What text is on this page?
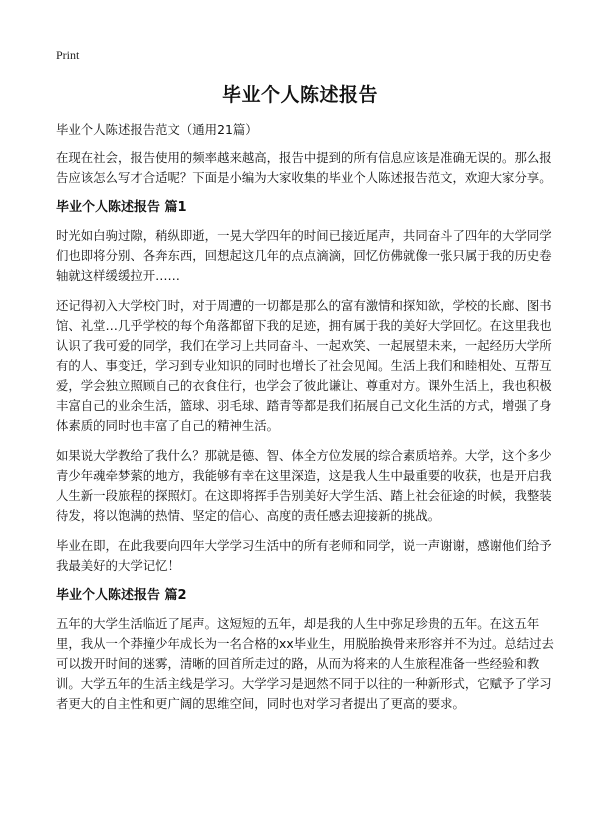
Print
毕业个人陈述报告

毕业个人陈述报告范文（通用21篇）

在现在社会，报告使用的频率越来越高，报告中提到的所有信息应该是准确无误的。那么报告应该怎么写才合适呢？下面是小编为大家收集的毕业个人陈述报告范文，欢迎大家分享。

毕业个人陈述报告 篇1

时光如白驹过隙，稍纵即逝，一晃大学四年的时间已接近尾声，共同奋斗了四年的大学同学们也即将分别、各奔东西，回想起这几年的点点滴滴，回忆仿佛就像一张只属于我的历史卷轴就这样缓缓拉开……

还记得初入大学校门时，对于周遭的一切都是那么的富有激情和探知欲，学校的长廊、图书馆、礼堂…几乎学校的每个角落都留下我的足迹，拥有属于我的美好大学回忆。在这里我也认识了我可爱的同学，我们在学习上共同奋斗、一起欢笑、一起展望未来，一起经历大学所有的人、事变迁，学习到专业知识的同时也增长了社会见闻。生活上我们和睦相处、互帮互爱，学会独立照顾自己的衣食住行，也学会了彼此谦让、尊重对方。课外生活上，我也积极丰富自己的业余生活，篮球、羽毛球、踏青等都是我们拓展自己文化生活的方式，增强了身体素质的同时也丰富了自己的精神生活。

如果说大学教给了我什么？那就是德、智、体全方位发展的综合素质培养。大学，这个多少青少年魂牵梦萦的地方，我能够有幸在这里深造，这是我人生中最重要的收获，也是开启我人生新一段旅程的探照灯。在这即将挥手告别美好大学生活、踏上社会征途的时候，我整装待发，将以饱满的热情、坚定的信心、高度的责任感去迎接新的挑战。

毕业在即，在此我要向四年大学学习生活中的所有老师和同学，说一声谢谢，感谢他们给予我最美好的大学记忆！

毕业个人陈述报告 篇2

五年的大学生活临近了尾声。这短短的五年，却是我的人生中弥足珍贵的五年。在这五年里，我从一个莽撞少年成长为一名合格的xx毕业生，用脱胎换骨来形容并不为过。总结过去可以拨开时间的迷雾，清晰的回首所走过的路，从而为将来的人生旅程准备一些经验和教训。大学五年的生活主线是学习。大学学习是迥然不同于以往的一种新形式，它赋予了学习者更大的自主性和更广阔的思维空间，同时也对学习者提出了更高的要求。
